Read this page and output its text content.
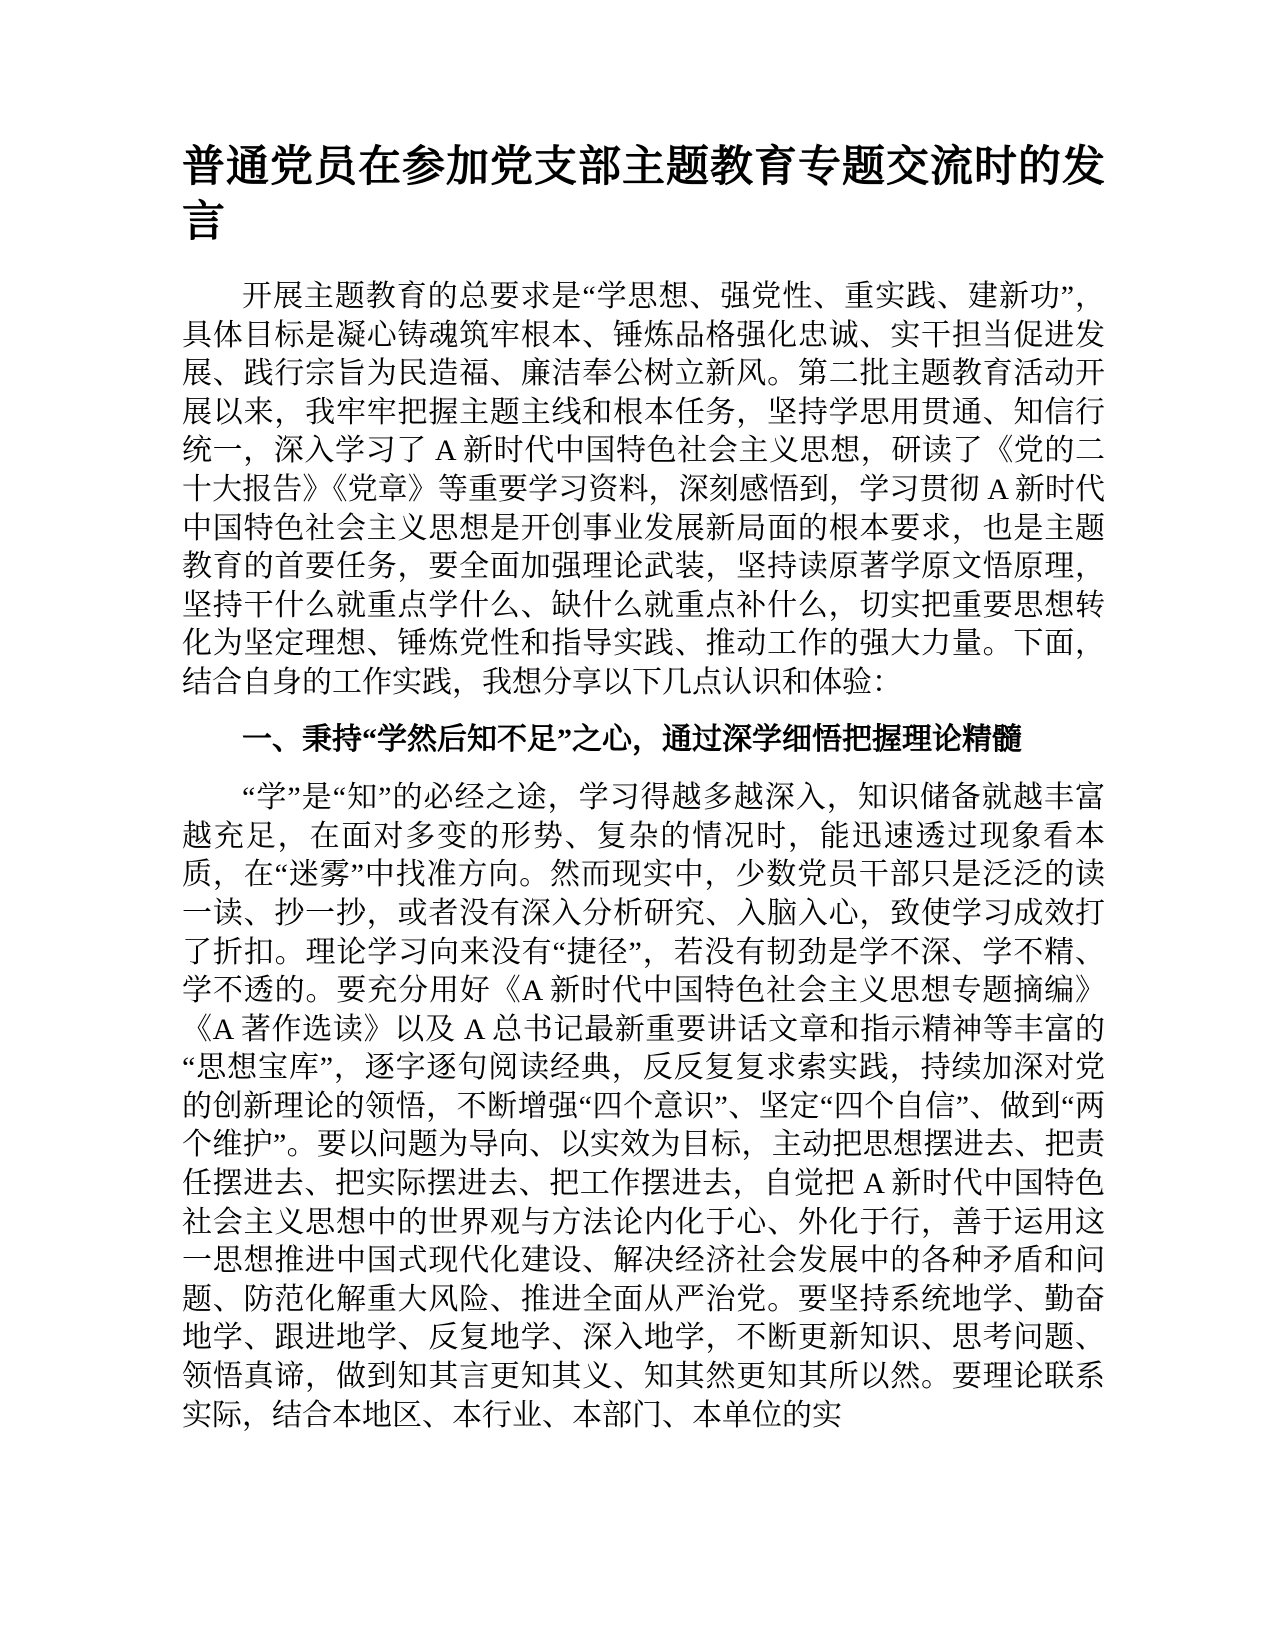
普通党员在参加党支部主题教育专题交流时的发言

开展主题教育的总要求是“学思想、强党性、重实践、建新功”，具体目标是凝心铸魂筑牢根本、锤炼品格强化忠诚、实干担当促进发展、践行宗旨为民造福、廉洁奉公树立新风。第二批主题教育活动开展以来，我牢牢把握主题主线和根本任务，坚持学思用贯通、知信行统一，深入学习了 A 新时代中国特色社会主义思想，研读了《党的二十大报告》《党章》等重要学习资料，深刻感悟到，学习贯彻 A 新时代中国特色社会主义思想是开创事业发展新局面的根本要求，也是主题教育的首要任务，要全面加强理论武装，坚持读原著学原文悟原理，坚持干什么就重点学什么、缺什么就重点补什么，切实把重要思想转化为坚定理想、锤炼党性和指导实践、推动工作的强大力量。下面，结合自身的工作实践，我想分享以下几点认识和体验：

一、秉持“学然后知不足”之心，通过深学细悟把握理论精髓

“学”是“知”的必经之途，学习得越多越深入，知识储备就越丰富越充足，在面对多变的形势、复杂的情况时，能迅速透过现象看本质，在“迷雾”中找准方向。然而现实中，少数党员干部只是泛泛的读一读、抄一抄，或者没有深入分析研究、入脑入心，致使学习成效打了折扣。理论学习向来没有“捷径”，若没有韧劲是学不深、学不精、学不透的。要充分用好《A 新时代中国特色社会主义思想专题摘编》《A 著作选读》以及 A 总书记最新重要讲话文章和指示精神等丰富的“思想宝库”，逐字逐句阅读经典，反反复复求索实践，持续加深对党的创新理论的领悟，不断增强“四个意识”、坚定“四个自信”、做到“两个维护”。要以问题为导向、以实效为目标，主动把思想摆进去、把责任摆进去、把实际摆进去、把工作摆进去，自觉把 A 新时代中国特色社会主义思想中的世界观与方法论内化于心、外化于行，善于运用这一思想推进中国式现代化建设、解决经济社会发展中的各种矛盾和问题、防范化解重大风险、推进全面从严治党。要坚持系统地学、勤奋地学、跟进地学、反复地学、深入地学，不断更新知识、思考问题、领悟真谛，做到知其言更知其义、知其然更知其所以然。要理论联系实际，结合本地区、本行业、本部门、本单位的实
